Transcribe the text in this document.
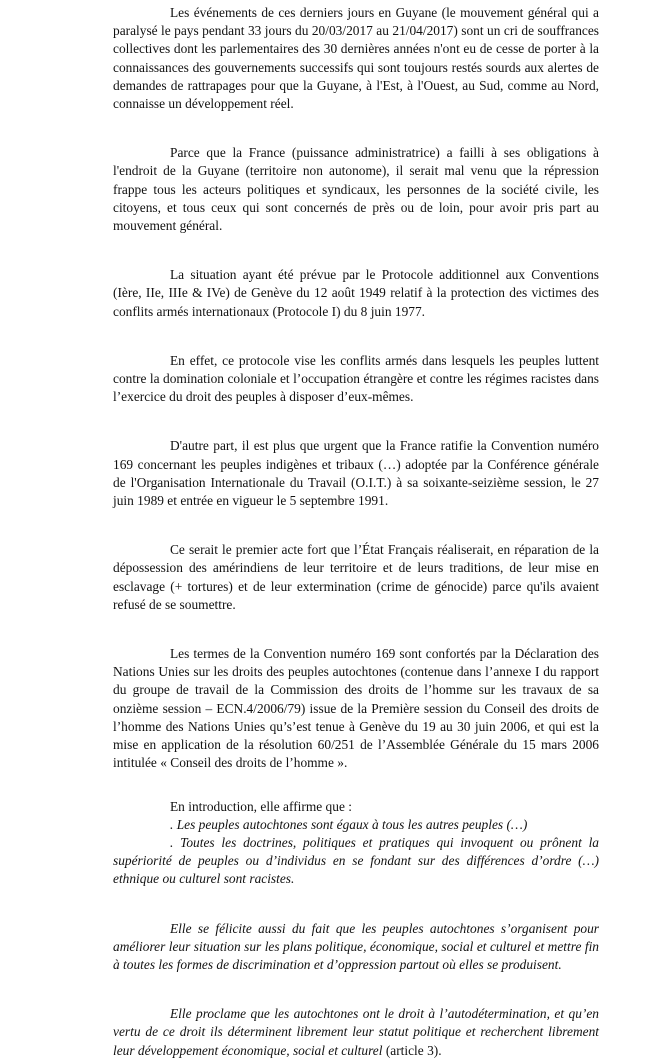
Les événements de ces derniers jours en Guyane (le mouvement général qui a paralysé le pays pendant 33 jours du 20/03/2017 au 21/04/2017) sont un cri de souffrances collectives dont les parlementaires des 30 dernières années n'ont eu de cesse de porter à la connaissances des gouvernements successifs qui sont toujours restés sourds aux alertes de demandes de rattrapages pour que la Guyane, à l'Est, à l'Ouest, au Sud, comme au Nord, connaisse un développement réel.

Parce que la France (puissance administratrice) a failli à ses obligations à l'endroit de la Guyane (territoire non autonome), il serait mal venu que la répression frappe tous les acteurs politiques et syndicaux, les personnes de la société civile, les citoyens, et tous ceux qui sont concernés de près ou de loin, pour avoir pris part au mouvement général.

La situation ayant été prévue par le Protocole additionnel aux Conventions (Ière, IIe, IIIe & IVe) de Genève du 12 août 1949 relatif à la protection des victimes des conflits armés internationaux (Protocole I) du 8 juin 1977.

En effet, ce protocole vise les conflits armés dans lesquels les peuples luttent contre la domination coloniale et l’occupation étrangère et contre les régimes racistes dans l’exercice du droit des peuples à disposer d’eux-mêmes.

D'autre part, il est plus que urgent que la France ratifie la Convention numéro 169 concernant les peuples indigènes et tribaux (…) adoptée par la Conférence générale de l'Organisation Internationale du Travail (O.I.T.) à sa soixante-seizième session, le 27 juin 1989 et entrée en vigueur le 5 septembre 1991.

Ce serait le premier acte fort que l’État Français réaliserait, en réparation de la dépossession des amérindiens de leur territoire et de leurs traditions, de leur mise en esclavage (+ tortures) et de leur extermination (crime de génocide) parce qu'ils avaient refusé de se soumettre.

Les termes de la Convention numéro 169 sont confortés par la Déclaration des Nations Unies sur les droits des peuples autochtones (contenue dans l’annexe I du rapport du groupe de travail de la Commission des droits de l’homme sur les travaux de sa onzième session – ECN.4/2006/79) issue de la Première session du Conseil des droits de l’homme des Nations Unies qu’s’est tenue à Genève du 19 au 30 juin 2006, et qui est la mise en application de la résolution 60/251 de l’Assemblée Générale du 15 mars 2006 intitulée « Conseil des droits de l’homme ».

En introduction, elle affirme que :
. Les peuples autochtones sont égaux à tous les autres peuples (…)

. Toutes les doctrines, politiques et pratiques qui invoquent ou prônent la supériorité de peuples ou d’individus en se fondant sur des différences d’ordre (…) ethnique ou culturel sont racistes.

Elle se félicite aussi du fait que les peuples autochtones s’organisent pour améliorer leur situation sur les plans politique, économique, social et culturel et mettre fin à toutes les formes de discrimination et d’oppression partout où elles se produisent.

Elle proclame que les autochtones ont le droit à l’autodétermination, et qu’en vertu de ce droit ils déterminent librement leur statut politique et recherchent librement leur développement économique, social et culturel (article 3).
